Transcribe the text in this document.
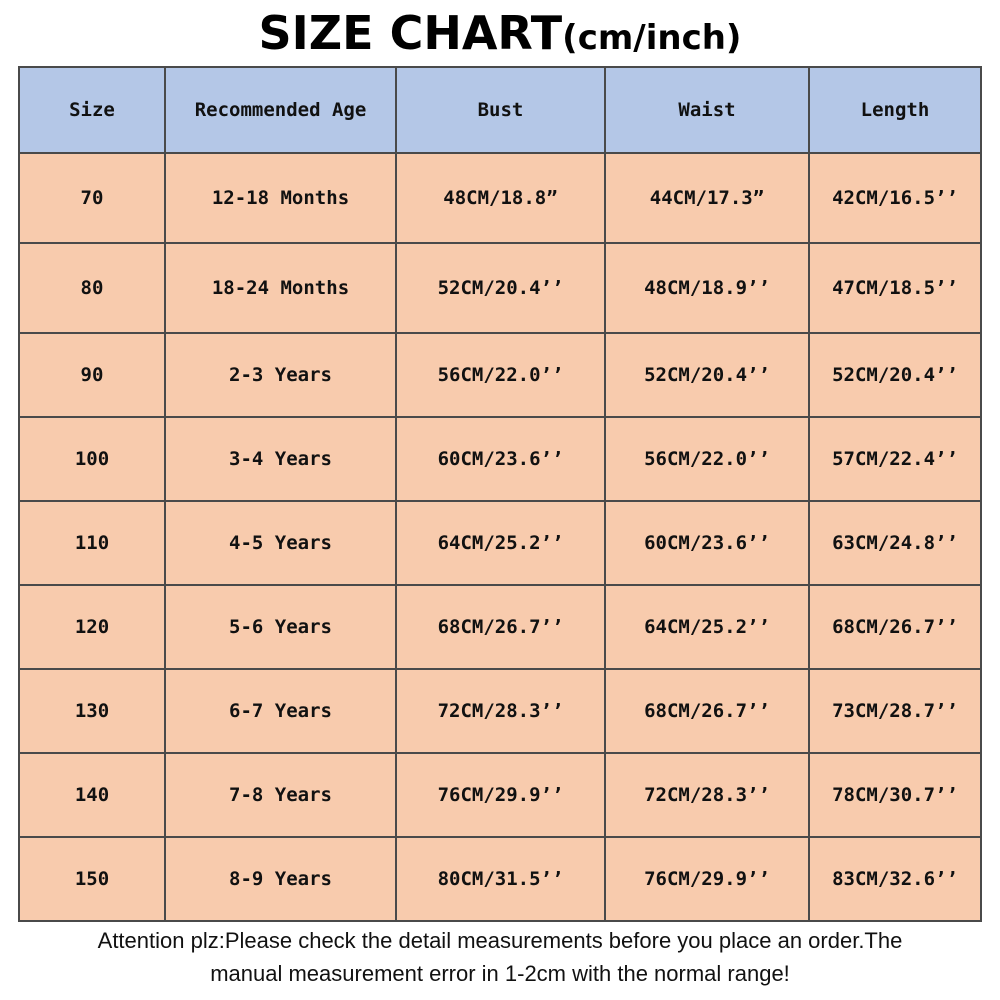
SIZE CHART(cm/inch)
Size	Recommended Age	Bust	Waist	Length
70	12-18 Months	48CM/18.8”	44CM/17.3”	42CM/16.5’’
80	18-24 Months	52CM/20.4’’	48CM/18.9’’	47CM/18.5’’
90	2-3 Years	56CM/22.0’’	52CM/20.4’’	52CM/20.4’’
100	3-4 Years	60CM/23.6’’	56CM/22.0’’	57CM/22.4’’
110	4-5 Years	64CM/25.2’’	60CM/23.6’’	63CM/24.8’’
120	5-6 Years	68CM/26.7’’	64CM/25.2’’	68CM/26.7’’
130	6-7 Years	72CM/28.3’’	68CM/26.7’’	73CM/28.7’’
140	7-8 Years	76CM/29.9’’	72CM/28.3’’	78CM/30.7’’
150	8-9 Years	80CM/31.5’’	76CM/29.9’’	83CM/32.6’’
Attention plz:Please check the detail measurements before you place an order.The
manual measurement error in 1-2cm with the normal range!
